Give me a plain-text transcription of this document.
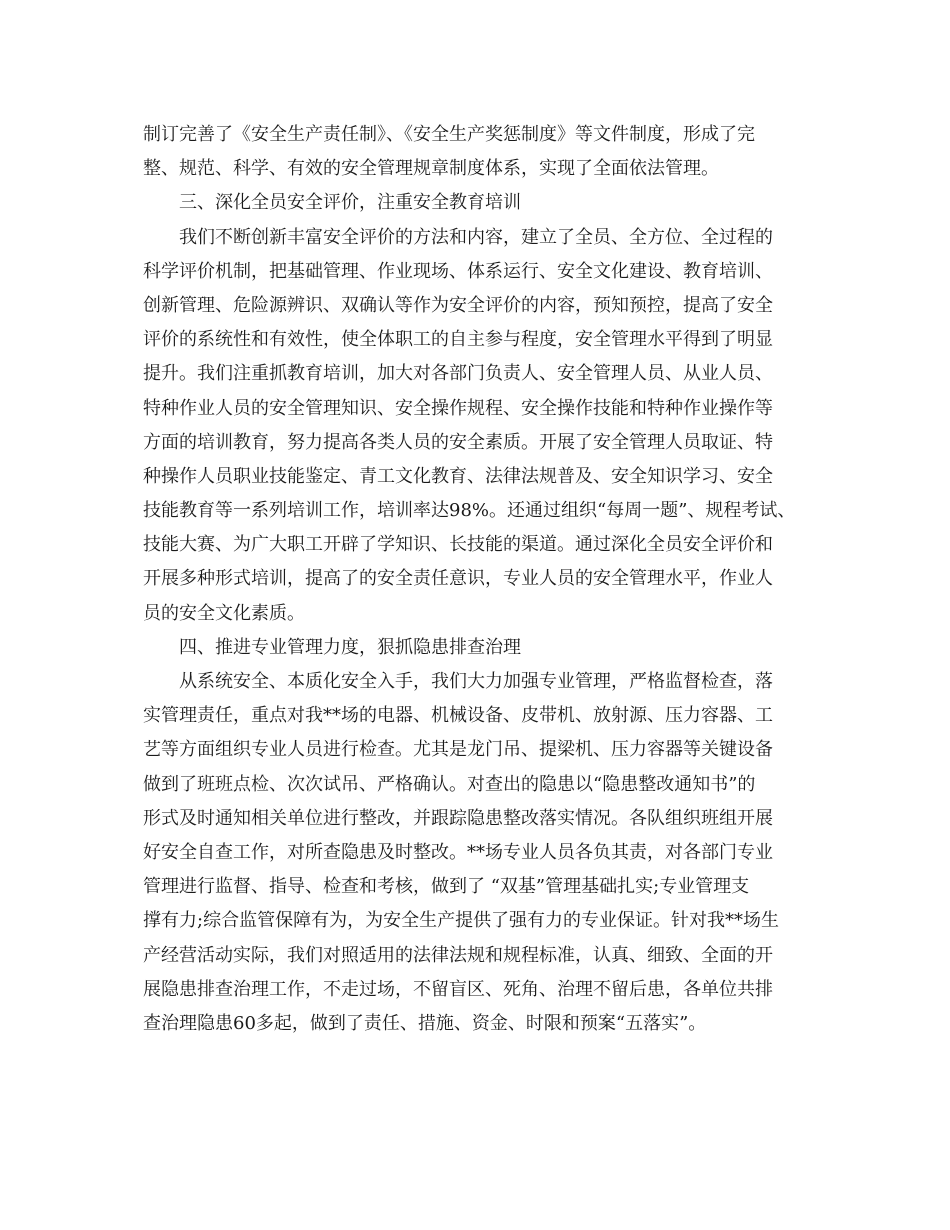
制订完善了《安全生产责任制》、《安全生产奖惩制度》等文件制度，形成了完
整、规范、科学、有效的安全管理规章制度体系，实现了全面依法管理。
三、深化全员安全评价，注重安全教育培训
我们不断创新丰富安全评价的方法和内容，建立了全员、全方位、全过程的
科学评价机制，把基础管理、作业现场、体系运行、安全文化建设、教育培训、
创新管理、危险源辨识、双确认等作为安全评价的内容，预知预控，提高了安全
评价的系统性和有效性，使全体职工的自主参与程度，安全管理水平得到了明显
提升。我们注重抓教育培训，加大对各部门负责人、安全管理人员、从业人员、
特种作业人员的安全管理知识、安全操作规程、安全操作技能和特种作业操作等
方面的培训教育，努力提高各类人员的安全素质。开展了安全管理人员取证、特
种操作人员职业技能鉴定、青工文化教育、法律法规普及、安全知识学习、安全
技能教育等一系列培训工作，培训率达98%。还通过组织“每周一题”、规程考试、
技能大赛、为广大职工开辟了学知识、长技能的渠道。通过深化全员安全评价和
开展多种形式培训，提高了的安全责任意识，专业人员的安全管理水平，作业人
员的安全文化素质。
四、推进专业管理力度，狠抓隐患排查治理
从系统安全、本质化安全入手，我们大力加强专业管理，严格监督检查，落
实管理责任，重点对我**场的电器、机械设备、皮带机、放射源、压力容器、工
艺等方面组织专业人员进行检查。尤其是龙门吊、提梁机、压力容器等关键设备
做到了班班点检、次次试吊、严格确认。对查出的隐患以“隐患整改通知书”的
形式及时通知相关单位进行整改，并跟踪隐患整改落实情况。各队组织班组开展
好安全自查工作，对所查隐患及时整改。**场专业人员各负其责，对各部门专业
管理进行监督、指导、检查和考核，做到了 “双基”管理基础扎实;专业管理支
撑有力;综合监管保障有为，为安全生产提供了强有力的专业保证。针对我**场生
产经营活动实际，我们对照适用的法律法规和规程标准，认真、细致、全面的开
展隐患排查治理工作，不走过场，不留盲区、死角、治理不留后患，各单位共排
查治理隐患60多起，做到了责任、措施、资金、时限和预案“五落实”。
